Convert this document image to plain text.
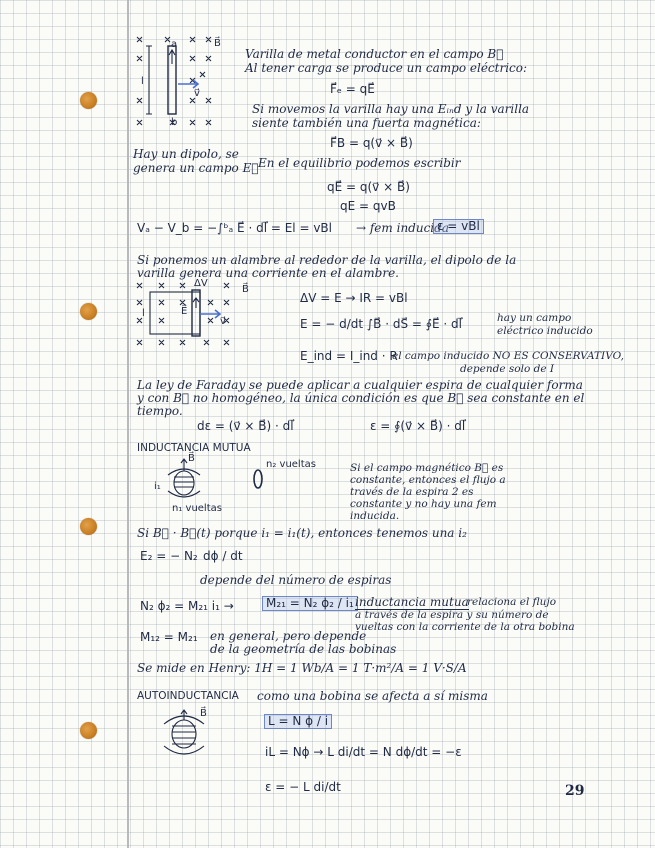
a
b
l
B⃗
v⃗
Varilla de metal conductor en el campo B⃗
Al tener carga se produce un campo eléctrico:
F⃗ₑ = qE⃗
Si movemos la varilla hay una Eᵢₙd y la varilla
siente también una fuerta magnética:
F⃗B = q(v⃗ × B⃗)
Hay un dipolo, se
genera un campo E⃗ En el equilibrio podemos escribir
qE⃗ = q(v⃗ × B⃗)
qE = qvB
Vₐ − V_b = −∫ᵇₐ E⃗ · dl⃗ = El = vBl → fem inducida
ε = vBl
Si ponemos un alambre al rededor de la varilla, el dipolo de la
varilla genera una corriente en el alambre.
ΔV
B⃗
v⃗
E⃗
l
ΔV = E → IR = vBl
E = − d/dt ∫B⃗ · dS⃗ = ∮E⃗ · dl⃗	hay un campo
eléctrico inducido
E_ind = I_ind · R
el campo inducido NO ES CONSERVATIVO,
depende solo de I
La ley de Faraday se puede aplicar a cualquier espira de cualquier forma
y con B⃗ no homogéneo, la única condición es que B⃗ sea constante en el
tiempo.
dε = (v⃗ × B⃗) · dl⃗	ε = ∮(v⃗ × B⃗) · dl⃗
INDUCTANCIA MUTUA
i₁
n₁ vueltas
B⃗
n₂ vueltas	Si el campo magnético B⃗ es
constante, entonces el flujo a
través de la espira 2 es
constante y no hay una fem
inducida.
Si B⃗ · B⃗(t) porque i₁ = i₁(t), entonces tenemos una i₂
E₂ = − N₂ dϕ / dt
depende del número de espiras
N₂ ϕ₂ = M₂₁ i₁ →	M₂₁ = N₂ ϕ₂ / i₁ inductancia mutua
relaciona el flujo
a través de la espira y su número de
vueltas con la corriente de la otra bobina
M₁₂ = M₂₁ en general, pero depende
de la geometría de las bobinas
Se mide en Henry: 1H = 1 Wb/A = 1 T·m²/A = 1 V·S/A
AUTOINDUCTANCIA como una bobina se afecta a sí misma
B⃗
L = N ϕ / i
iL = Nϕ → L di/dt = N dϕ/dt = −ε
ε = − L di/dt	29
